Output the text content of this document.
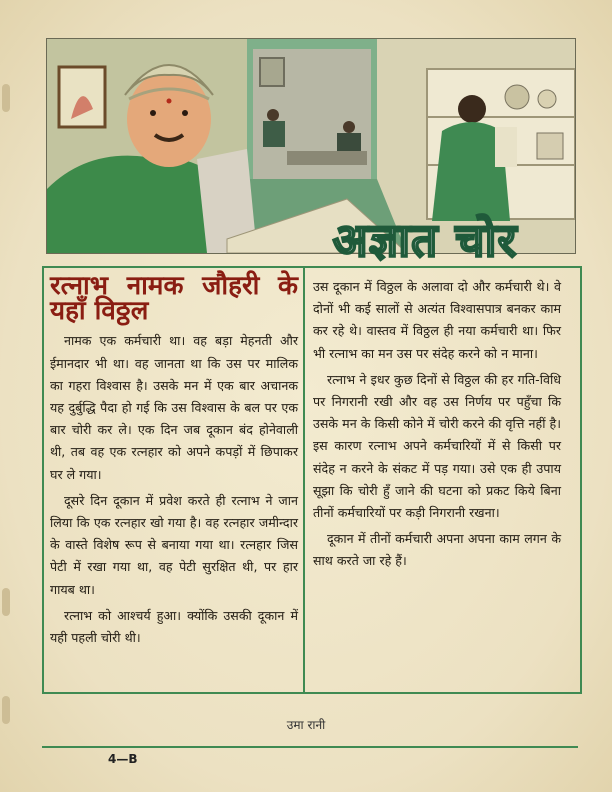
अज्ञात चोर

रत्नाभ नामक जौहरी के यहाँ विठ्ठल

नामक एक कर्मचारी था। वह बड़ा मेहनती और ईमानदार भी था। वह जानता था कि उस पर मालिक का गहरा विश्वास है। उसके मन में एक बार अचानक यह दुर्बुद्धि पैदा हो गई कि उस विश्वास के बल पर एक बार चोरी कर ले। एक दिन जब दूकान बंद होनेवाली थी, तब वह एक रत्नहार को अपने कपड़ों में छिपाकर घर ले गया।

दूसरे दिन दूकान में प्रवेश करते ही रत्नाभ ने जान लिया कि एक रत्नहार खो गया है। वह रत्नहार जमीन्दार के वास्ते विशेष रूप से बनाया गया था। रत्नहार जिस पेटी में रखा गया था, वह पेटी सुरक्षित थी, पर हार गायब था।

रत्नाभ को आश्चर्य हुआ। क्योंकि उसकी दूकान में यही पहली चोरी थी।

उस दूकान में विठ्ठल के अलावा दो और कर्मचारी थे। वे दोनों भी कई सालों से अत्यंत विश्वासपात्र बनकर काम कर रहे थे। वास्तव में विठ्ठल ही नया कर्मचारी था। फिर भी रत्नाभ का मन उस पर संदेह करने को न माना।

रत्नाभ ने इधर कुछ दिनों से विठ्ठल की हर गति-विधि पर निगरानी रखी और वह उस निर्णय पर पहुँचा कि उसके मन के किसी कोने में चोरी करने की वृत्ति नहीं है। इस कारण रत्नाभ अपने कर्मचारियों में से किसी पर संदेह न करने के संकट में पड़ गया। उसे एक ही उपाय सूझा कि चोरी हुँ जाने की घटना को प्रकट किये बिना तीनों कर्मचारियों पर कड़ी निगरानी रखना।

दूकान में तीनों कर्मचारी अपना अपना काम लगन के साथ करते जा रहे हैं।

उमा रानी
4—B
